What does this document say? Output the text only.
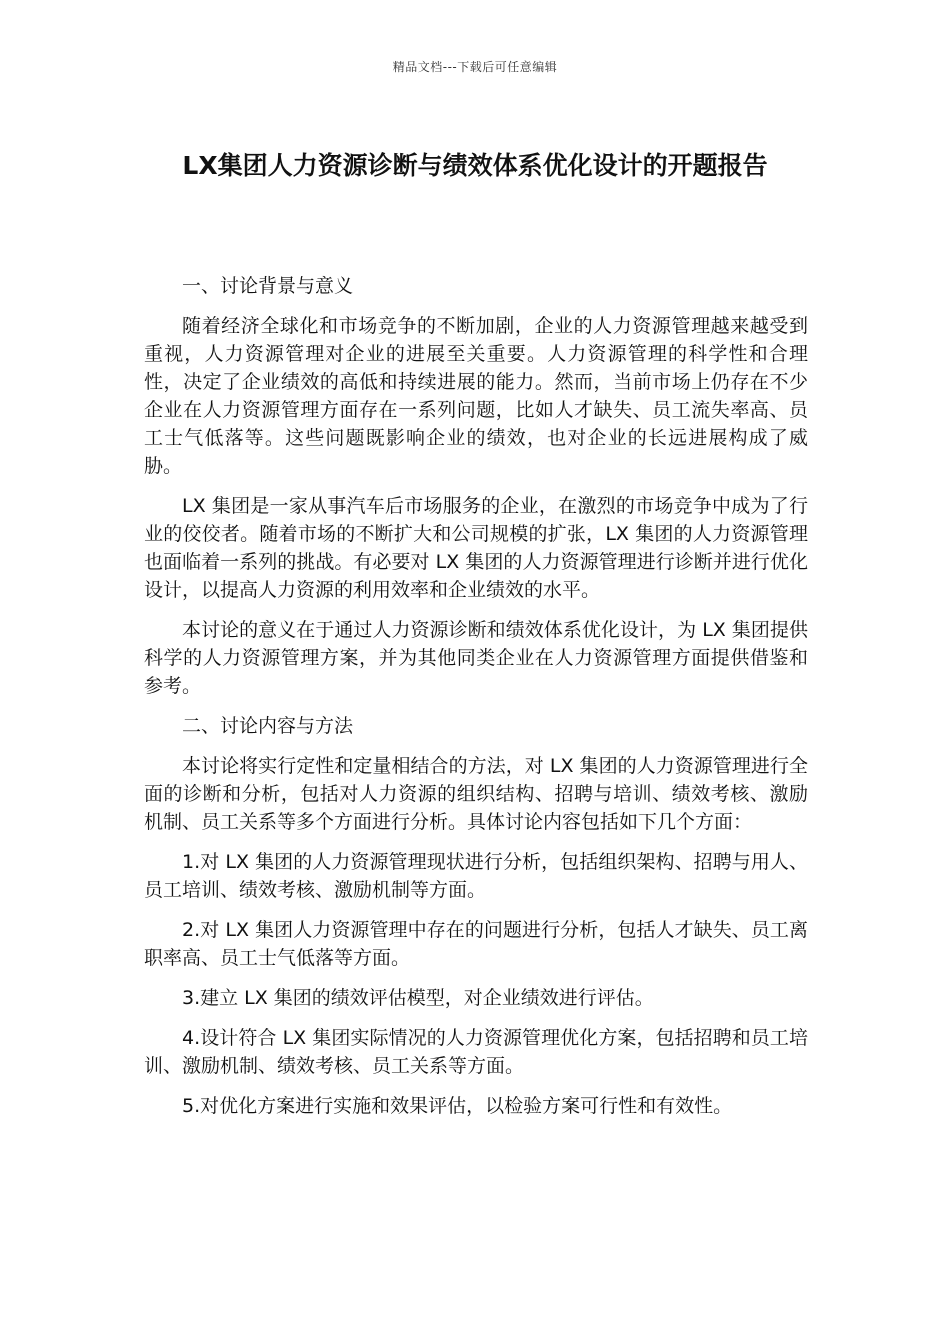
精品文档---下载后可任意编辑
LX集团人力资源诊断与绩效体系优化设计的开题报告

一、讨论背景与意义

随着经济全球化和市场竞争的不断加剧，企业的人力资源管理越来越受到重视，人力资源管理对企业的进展至关重要。人力资源管理的科学性和合理性，决定了企业绩效的高低和持续进展的能力。然而，当前市场上仍存在不少企业在人力资源管理方面存在一系列问题，比如人才缺失、员工流失率高、员工士气低落等。这些问题既影响企业的绩效，也对企业的长远进展构成了威胁。

LX 集团是一家从事汽车后市场服务的企业，在激烈的市场竞争中成为了行业的佼佼者。随着市场的不断扩大和公司规模的扩张，LX 集团的人力资源管理也面临着一系列的挑战。有必要对 LX 集团的人力资源管理进行诊断并进行优化设计，以提高人力资源的利用效率和企业绩效的水平。

本讨论的意义在于通过人力资源诊断和绩效体系优化设计，为 LX 集团提供科学的人力资源管理方案，并为其他同类企业在人力资源管理方面提供借鉴和参考。

二、讨论内容与方法

本讨论将实行定性和定量相结合的方法，对 LX 集团的人力资源管理进行全面的诊断和分析，包括对人力资源的组织结构、招聘与培训、绩效考核、激励机制、员工关系等多个方面进行分析。具体讨论内容包括如下几个方面：

1.对 LX 集团的人力资源管理现状进行分析，包括组织架构、招聘与用人、员工培训、绩效考核、激励机制等方面。

2.对 LX 集团人力资源管理中存在的问题进行分析，包括人才缺失、员工离职率高、员工士气低落等方面。

3.建立 LX 集团的绩效评估模型，对企业绩效进行评估。

4.设计符合 LX 集团实际情况的人力资源管理优化方案，包括招聘和员工培训、激励机制、绩效考核、员工关系等方面。

5.对优化方案进行实施和效果评估，以检验方案可行性和有效性。
